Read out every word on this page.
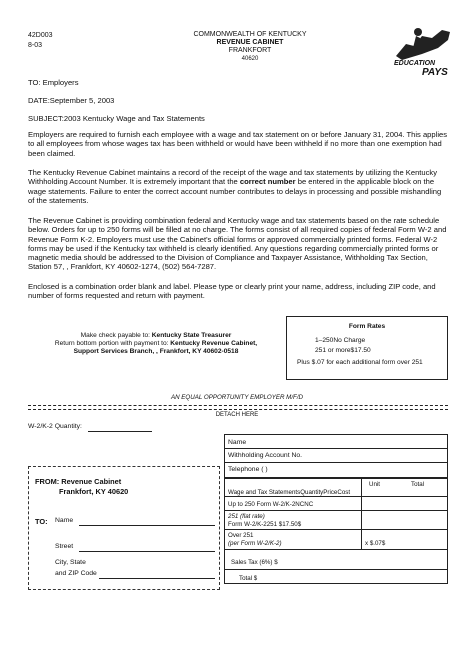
42D003
8-03
COMMONWEALTH OF KENTUCKY
REVENUE CABINET
FRANKFORT
40620
EDUCATION
PAYS
TO: Employers
DATE:September 5, 2003
SUBJECT:2003 Kentucky Wage and Tax Statements
Employers are required to furnish each employee with a wage and tax statement on or before January 31, 2004. This applies to all employees from whose wages tax has been withheld or would have been withheld if no more than one exemption had been claimed.
The Kentucky Revenue Cabinet maintains a record of the receipt of the wage and tax statements by utilizing the Kentucky Withholding Account Number. It is extremely important that the correct number be entered in the applicable block on the wage statements. Failure to enter the correct account number contributes to delays in processing and possible mishandling of the statements.
The Revenue Cabinet is providing combination federal and Kentucky wage and tax statements based on the rate schedule below. Orders for up to 250 forms will be filled at no charge. The forms consist of all required copies of federal Form W-2 and Revenue Form K-2. Employers must use the Cabinet's official forms or approved commercially printed forms. Federal W-2 forms may be used if the Kentucky tax withheld is clearly identified. Any questions regarding commercially printed forms or magnetic media should be addressed to the Division of Compliance and Taxpayer Assistance, Withholding Tax Section, Station 57, , Frankfort, KY 40602-1274, (502) 564-7287.
Enclosed is a combination order blank and label. Please type or clearly print your name, address, including ZIP code, and number of forms requested and return with payment.
Make check payable to: Kentucky State Treasurer
Return bottom portion with payment to: Kentucky Revenue Cabinet,
Support Services Branch, , Frankfort, KY 40602-0518
Form Rates
1–250No Charge
251 or more$17.50
Plus $.07 for each additional form over 251
AN EQUAL OPPORTUNITY EMPLOYER M/F/D
DETACH HERE
W-2/K-2 Quantity:
Name
Withholding Account No.
Telephone ( )
FROM: Revenue Cabinet
Frankfort, KY 40620
TO: Name
Street
City, State
and ZIP Code
Unit	Total
Wage and Tax StatementsQuantityPriceCost
Up to 250 Form W-2/K-2NCNC
251 (flat rate)
Form W-2/K-2251 $17.50$
Over 251
(per Form W-2/K-2)	x $.07$
Sales Tax (6%) $
Total $
